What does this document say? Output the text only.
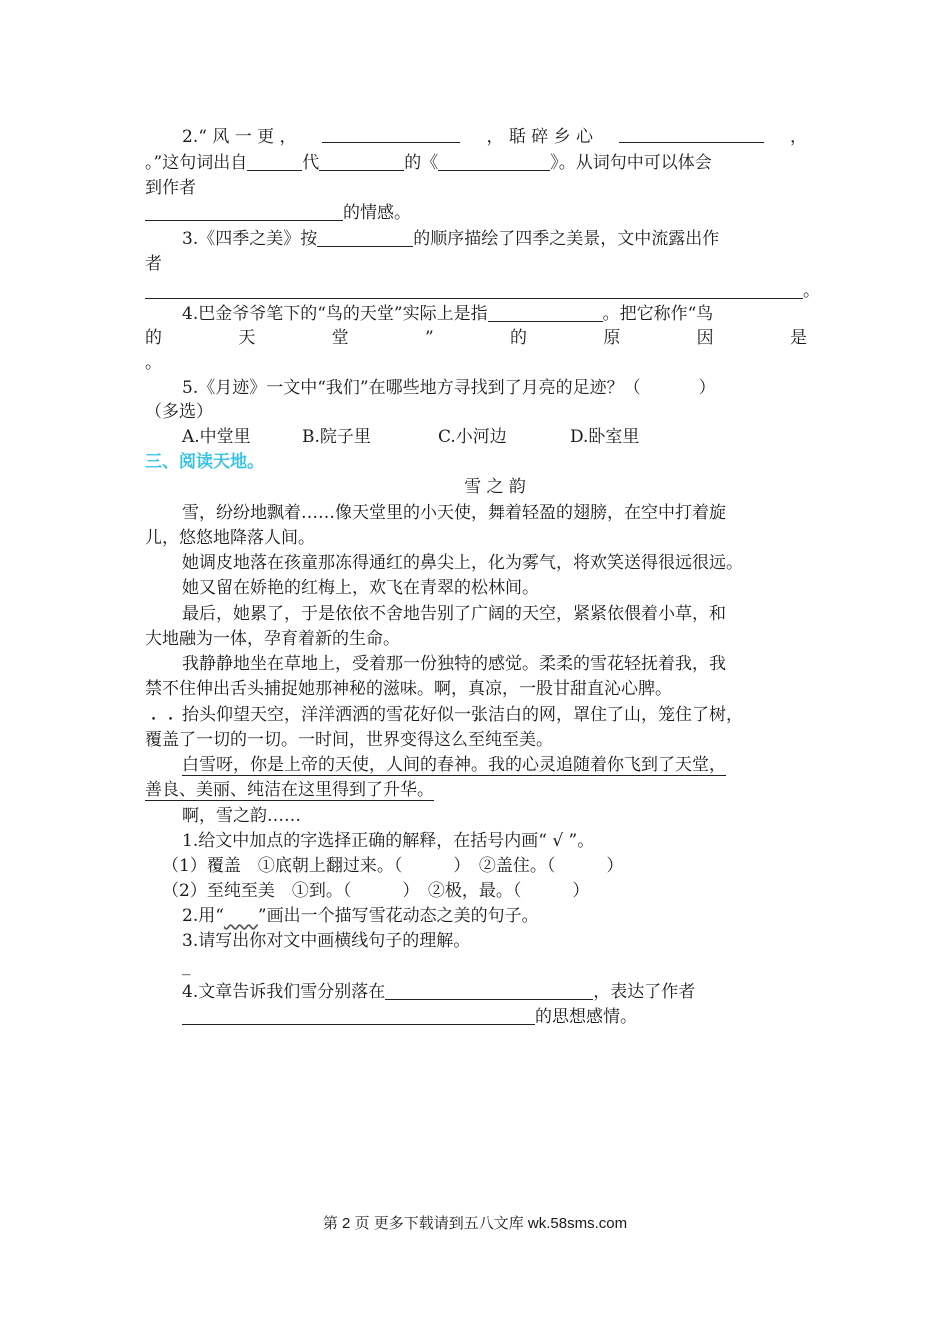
2.“ 风 一 更 ，	， 聒 碎 乡 心	，
。”这句词出自	代	的《	》。从词句中可以体会
到作者
的情感。
3.《四季之美》按	的顺序描绘了四季之美景，文中流露出作
者
。
4.巴金爷爷笔下的“鸟的天堂”实际上是指	。把它称作“鸟
的	天	堂	”	的	原	因	是
。
5.《月迹》一文中“我们”在哪些地方寻找到了月亮的足迹？（	）
（多选）
A.中堂里	B.院子里	C.小河边	D.卧室里
三、阅读天地。
雪 之 韵
雪，纷纷地飘着……像天堂里的小天使，舞着轻盈的翅膀，在空中打着旋
儿，悠悠地降落人间。
她调皮地落在孩童那冻得通红的鼻尖上，化为雾气，将欢笑送得很远很远。
她又留在娇艳的红梅上，欢飞在青翠的松林间。
最后，她累了，于是依依不舍地告别了广阔的天空，紧紧依偎着小草，和
大地融为一体，孕育着新的生命。
我静静地坐在草地上，受着那一份独特的感觉。柔柔的雪花轻抚着我，我
禁不住伸出舌头捕捉她那神秘的滋味。啊，真凉，一股甘甜直沁心脾。
抬头仰望天空，洋洋洒洒的雪花好似一张洁白的网，罩住了山，笼住了树，
覆盖了一切的一切。一时间，世界变得这么至纯至美。
白雪呀，你是上帝的天使，人间的春神。我的心灵追随着你飞到了天堂，
善良、美丽、纯洁在这里得到了升华。
啊，雪之韵……
1.给文中加点的字选择正确的解释，在括号内画“ √ ”。
（1）覆盖　①底朝上翻过来。（　　　）　②盖住。（　　　）
（2）至纯至美　①到。（　　　）　②极，最。（　　　）
2.用“ ”画出一个描写雪花动态之美的句子。
3.请写出你对文中画横线句子的理解。
_
4.文章告诉我们雪分别落在	，表达了作者
的思想感情。
第 2 页 更多下载请到五八文库 wk.58sms.com
